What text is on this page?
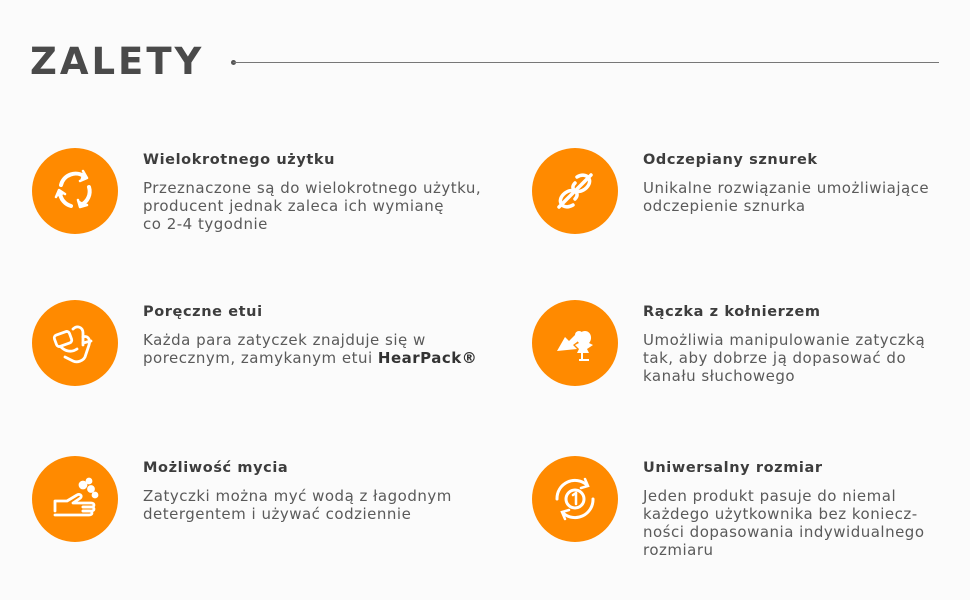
ZALETY
Wielokrotnego użytku
Przeznaczone są do wielokrotnego użytku,
producent jednak zaleca ich wymianę
co 2-4 tygodnie
Odczepiany sznurek
Unikalne rozwiązanie umożliwiające
odczepienie sznurka
Poręczne etui
Każda para zatyczek znajduje się w
porecznym, zamykanym etui HearPack®
Rączka z kołnierzem
Umożliwia manipulowanie zatyczką
tak, aby dobrze ją dopasować do
kanału słuchowego
Możliwość mycia
Zatyczki można myć wodą z łagodnym
detergentem i używać codziennie
Uniwersalny rozmiar
Jeden produkt pasuje do niemal
każdego użytkownika bez koniecz-
ności dopasowania indywidualnego
rozmiaru
